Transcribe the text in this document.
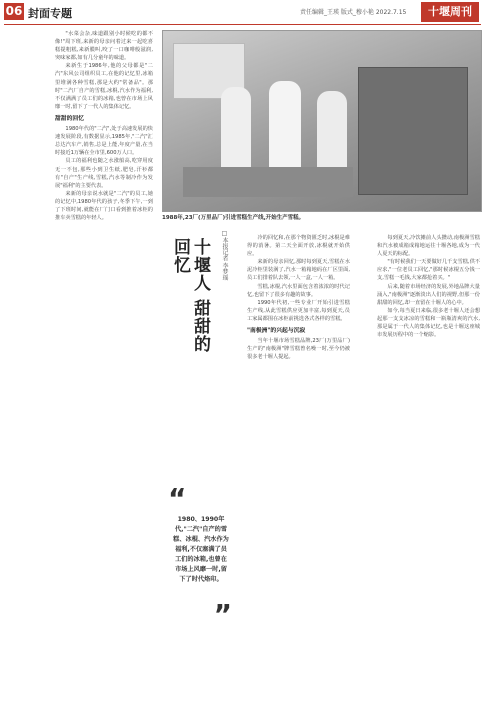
06 封面专题	责任编辑_王瑛 版式_穆小艳 2022.7.15	十堰周刊

"水菜会杂,味道跟别小时候吃的都不像!"周下班,来新的母亲问着过来一起吃喜糕提粗糕,来新膜叫,咬了一口咖啡般滋润,突味家都,如有几分童年的味道。

来新生于1986年,他的父母都是"二汽"东风公司组织员工,在他的记忆里,冰箱里堆满各种雪糕,那是大约"常备品"。那时"二汽厂自产的雪糕,冰棍,汽水作为福利,不仅满满了员工们的冰箱,也曾在市场上风靡一时,留下了一代人的集体记忆。

甜甜的回忆

1980年代的"二汽",处于高速发展的快速发展阶段,有数据显示,1985年,"二汽"汇总达汽车产,销售,总是上能,年度产量,在当时接近1万辆在全市里,600万人口。

员工的福利也随之水涨船高,吃穿用度无一不包,那些小到卫生纸,肥皂,汗衫都有"自产"生产线,雪糕,汽水等制冷作为发展"福利"的主要代表。

来新的母亲说水就是"二汽"的员工,她的记忆中,1980年代的孩子,冬季下午,一到了下班时间,就能在厂门口看到推着冰柜的推车卖雪糕的年轻人。	1988年,23厂(万里品厂)引进雪糕生产线,开始生产雪糕。
十堰人 甜甜的回忆	□本报记者 李梦瑶
“
1980、1990年代,"二汽"自产的雪糕、冰棍、汽水作为福利,不仅塞满了员工们的冰箱,也曾在市场上风靡一时,留下了时代烙印。
”

冷的回忆和,在那个物资匮乏时,冰棍是难得的消暑。第二天全面开放,冰棍就开始供应。

来新的母亲回忆,那时每到夏天,雪糕在水泥冷柜里装满了,汽水一箱箱地码在厂区里面,员工们排着队去领,一人一盒,一人一箱。

雪糕,冰棍,汽水里面包含着浓浓的时代记忆,也留下了很多有趣的故事。

1990年代初,一些专业厂开始引进雪糕生产线,从此雪糕供应更加丰富,每到夏天,员工家属都围在冰柜前挑选各式各样的雪糕。

"南极洲"的兴起与沉寂

当年十堰市场雪糕品牌,23厂(万里品厂)生产的"南极洲"牌雪糕曾名噪一时,至今仍被很多老十堰人提起。

每到夏天,冷饮摊前人头攒动,南极洲雪糕和汽水被成箱成箱地运往十堰各地,成为一代人夏天的标配。

"有时候我们一天要做好几千支雪糕,供不应求,"一位老员工回忆,"那时候冰棍五分钱一支,雪糕一毛钱,大家都抢着买。"

后来,随着市场经济的发展,外地品牌大量涌入,"南极洲"逐渐淡出人们的视野,但那一份甜甜的回忆,却一直留在十堰人的心中。

如今,每当夏日来临,很多老十堰人还会想起那一支支冰凉的雪糕和一瓶瓶清爽的汽水,那是属于一代人的集体记忆,也是十堰这座城市发展历程中的一个缩影。
